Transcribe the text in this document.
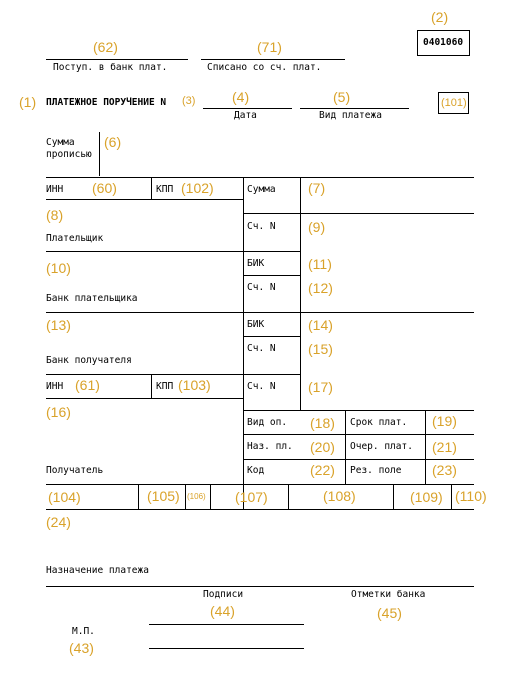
0401060
(2)
(62)
Поступ. в банк плат.
(71)
Списано со сч. плат.
(1) ПЛАТЕЖНОЕ ПОРУЧЕНИЕ N (3)	(4)
Дата
(5)
Вид платежа
(101)
Сумма
прописью
(6)
ИНН (60)	КПП (102)	Сумма (7)
(8)
Плательщик
Сч. N (9)
(10)
Банк плательщика
БИК	(11)
Сч. N (12)
(13)
Банк получателя
БИК	(14)
Сч. N (15)
ИНН (61)	КПП (103)	Сч. N (17)
(16)
Получатель
Вид оп. (18) Срок плат. (19)
Наз. пл. (20) Очер. плат. (21)
Код	(22) Рез. поле (23)
(104)	(105) (106) (107)	(108)	(109) (110)
(24)
Назначение платежа
Подписи
(44)
Отметки банка
(45)
М.П.
(43)
